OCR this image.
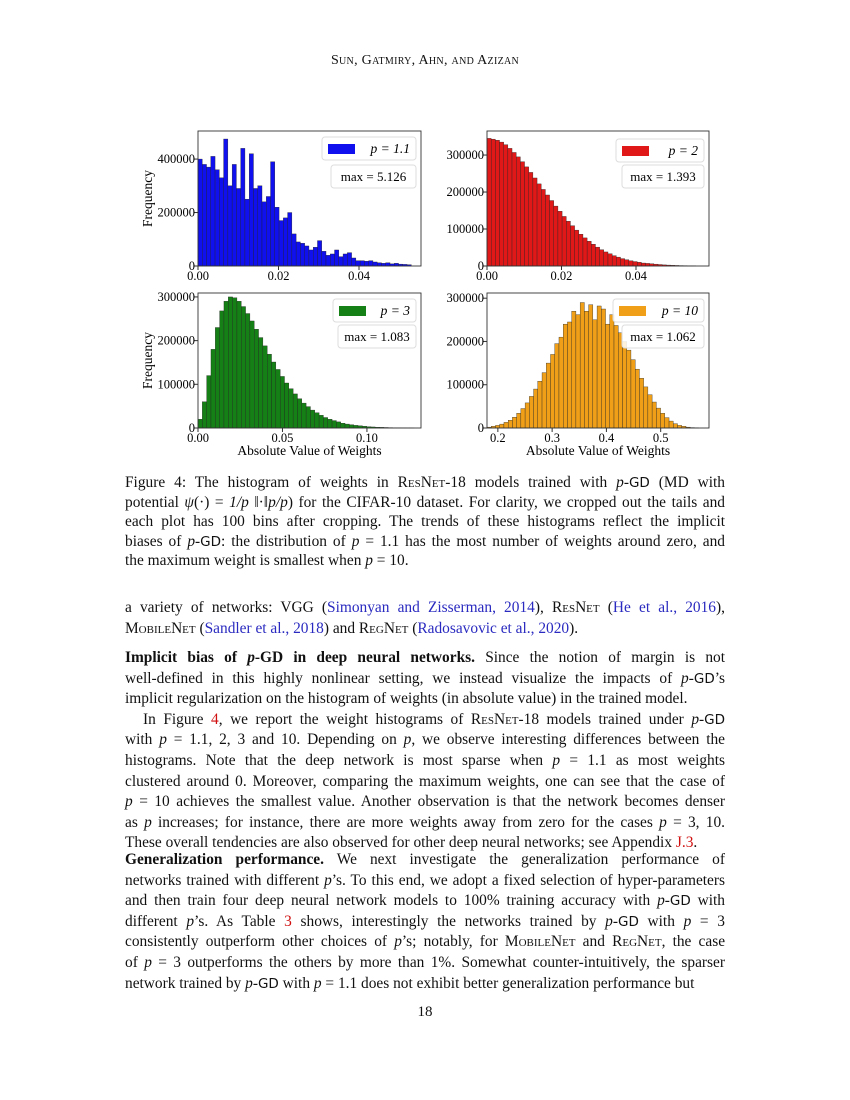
Sun, Gatmiry, Ahn, and Azizan
0.00	0.02	0.04
0
200000
400000
Frequency
p = 1.1
max = 5.126
0.00	0.02	0.04
0
100000
200000
300000	p = 2
max = 1.393
0.00	0.05	0.10
0
100000
200000
300000
Frequency
Absolute Value of Weights
p = 3
max = 1.083
0.2	0.3	0.4	0.5
0
100000
200000
300000
Absolute Value of Weights
p = 10
max = 1.062
Figure 4: The histogram of weights in ResNet-18 models trained with p-GD (MD with
potential ψ(·) = 1/p ‖·‖p/p) for the CIFAR-10 dataset. For clarity, we cropped out the tails and
each plot has 100 bins after cropping. The trends of these histograms reflect the implicit
biases of p-GD: the distribution of p = 1.1 has the most number of weights around zero, and
the maximum weight is smallest when p = 10.
a variety of networks: VGG (Simonyan and Zisserman, 2014), ResNet (He et al., 2016),
MobileNet (Sandler et al., 2018) and RegNet (Radosavovic et al., 2020).
Implicit bias of p-GD in deep neural networks. Since the notion of margin is not
well-defined in this highly nonlinear setting, we instead visualize the impacts of p-GD’s
implicit regularization on the histogram of weights (in absolute value) in the trained model.
In Figure 4, we report the weight histograms of ResNet-18 models trained under p-GD
with p = 1.1, 2, 3 and 10. Depending on p, we observe interesting differences between the
histograms. Note that the deep network is most sparse when p = 1.1 as most weights
clustered around 0. Moreover, comparing the maximum weights, one can see that the case of
p = 10 achieves the smallest value. Another observation is that the network becomes denser
as p increases; for instance, there are more weights away from zero for the cases p = 3, 10.
These overall tendencies are also observed for other deep neural networks; see Appendix J.3.
Generalization performance. We next investigate the generalization performance of
networks trained with different p’s. To this end, we adopt a fixed selection of hyper-parameters
and then train four deep neural network models to 100% training accuracy with p-GD with
different p’s. As Table 3 shows, interestingly the networks trained by p-GD with p = 3
consistently outperform other choices of p’s; notably, for MobileNet and RegNet, the case
of p = 3 outperforms the others by more than 1%. Somewhat counter-intuitively, the sparser
network trained by p-GD with p = 1.1 does not exhibit better generalization performance but
18
